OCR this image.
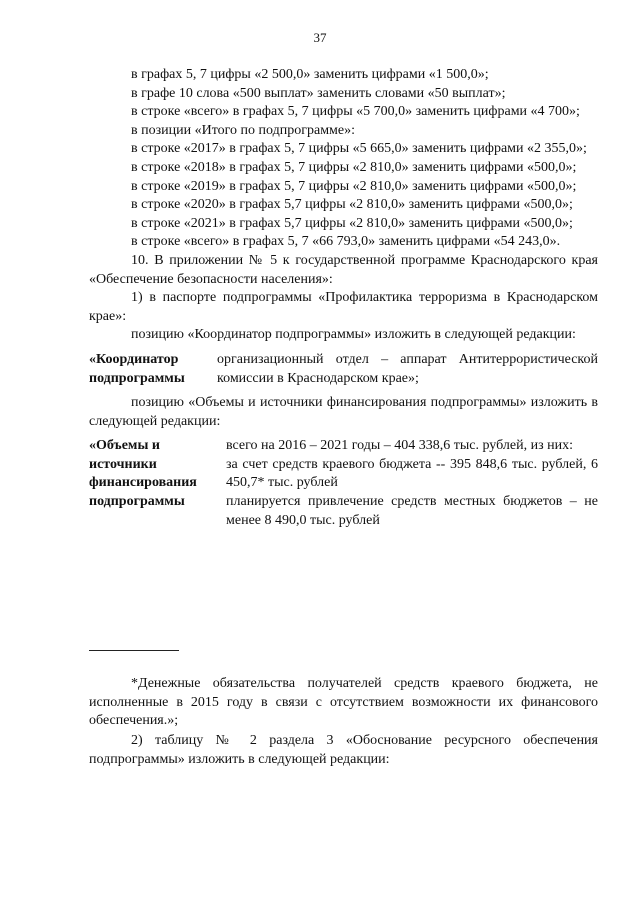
37

в графах 5, 7 цифры «2 500,0» заменить цифрами «1 500,0»;

в графе 10 слова «500 выплат» заменить словами «50 выплат»;

в строке «всего» в графах 5, 7 цифры «5 700,0» заменить цифрами «4 700»;

в позиции «Итого по подпрограмме»:

в строке «2017» в графах 5, 7 цифры «5 665,0» заменить цифрами «2 355,0»;

в строке «2018» в графах 5, 7 цифры «2 810,0» заменить цифрами «500,0»;

в строке «2019» в графах 5, 7 цифры «2 810,0» заменить цифрами «500,0»;

в строке «2020» в графах 5,7 цифры «2 810,0» заменить цифрами «500,0»;

в строке «2021» в графах 5,7 цифры «2 810,0» заменить цифрами «500,0»;

в строке «всего» в графах 5, 7 «66 793,0» заменить цифрами «54 243,0».

10. В приложении № 5 к государственной программе Краснодарского края «Обеспечение безопасности населения»:

1) в паспорте подпрограммы «Профилактика терроризма в Краснодарском крае»:

позицию «Координатор подпрограммы» изложить в следующей редакции:

«Координатор подпрограммы
организационный отдел – аппарат Антитеррористической комиссии в Краснодарском крае»;

позицию «Объемы и источники финансирования подпрограммы» изложить в следующей редакции:

«Объемы и источники финансирования подпрограммы
всего на 2016 – 2021 годы – 404 338,6 тыс. рублей, из них:
за счет средств краевого бюджета -- 395 848,6 тыс. рублей, 6 450,7* тыс. рублей
планируется привлечение средств местных бюджетов – не менее 8 490,0 тыс. рублей

*Денежные обязательства получателей средств краевого бюджета, не исполненные в 2015 году в связи с отсутствием возможности их финансового обеспечения.»;

2) таблицу № 2 раздела 3 «Обоснование ресурсного обеспечения подпрограммы» изложить в следующей редакции:
